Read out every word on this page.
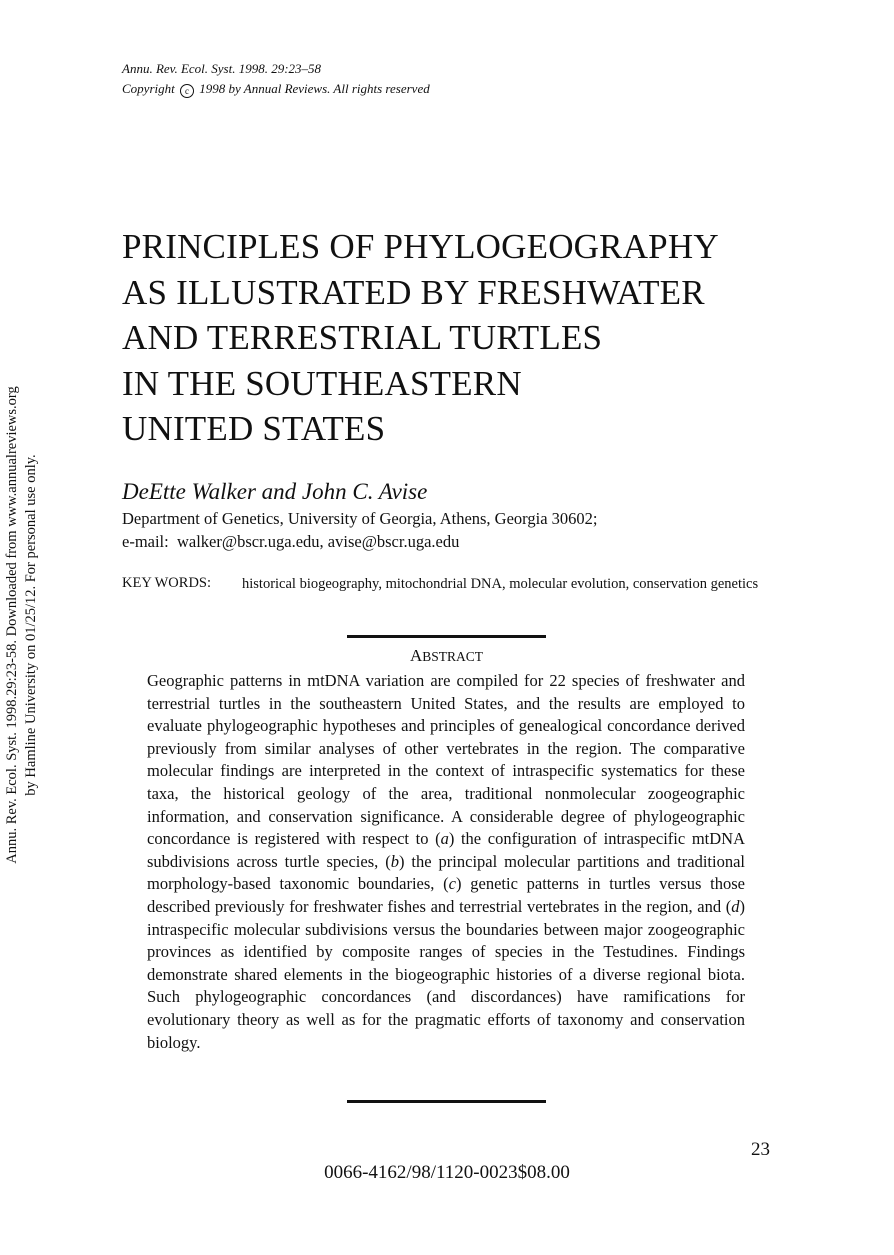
Annu. Rev. Ecol. Syst. 1998. 29:23–58
Copyright c 1998 by Annual Reviews. All rights reserved
PRINCIPLES OF PHYLOGEOGRAPHY
AS ILLUSTRATED BY FRESHWATER
AND TERRESTRIAL TURTLES
IN THE SOUTHEASTERN
UNITED STATES
DeEtte Walker and John C. Avise
Department of Genetics, University of Georgia, Athens, Georgia 30602;
e-mail:  walker@bscr.uga.edu, avise@bscr.uga.edu
KEY WORDS: historical biogeography, mitochondrial DNA, molecular evolution, conservation genetics
ABSTRACT
Geographic patterns in mtDNA variation are compiled for 22 species of freshwater and terrestrial turtles in the southeastern United States, and the results are employed to evaluate phylogeographic hypotheses and principles of genealogical concordance derived previously from similar analyses of other vertebrates in the region. The comparative molecular findings are interpreted in the context of intraspecific systematics for these taxa, the historical geology of the area, traditional nonmolecular zoogeographic information, and conservation significance. A considerable degree of phylogeographic concordance is registered with respect to (a) the configuration of intraspecific mtDNA subdivisions across turtle species, (b) the principal molecular partitions and traditional morphology-based taxonomic boundaries, (c) genetic patterns in turtles versus those described previously for freshwater fishes and terrestrial vertebrates in the region, and (d) intraspecific molecular subdivisions versus the boundaries between major zoogeographic provinces as identified by composite ranges of species in the Testudines. Findings demonstrate shared elements in the biogeographic histories of a diverse regional biota. Such phylogeographic concordances (and discordances) have ramifications for evolutionary theory as well as for the pragmatic efforts of taxonomy and conservation biology.
Annu. Rev. Ecol. Syst. 1998.29:23-58. Downloaded from www.annualreviews.org by Hamline University on 01/25/12. For personal use only.
23
0066-4162/98/1120-0023$08.00
